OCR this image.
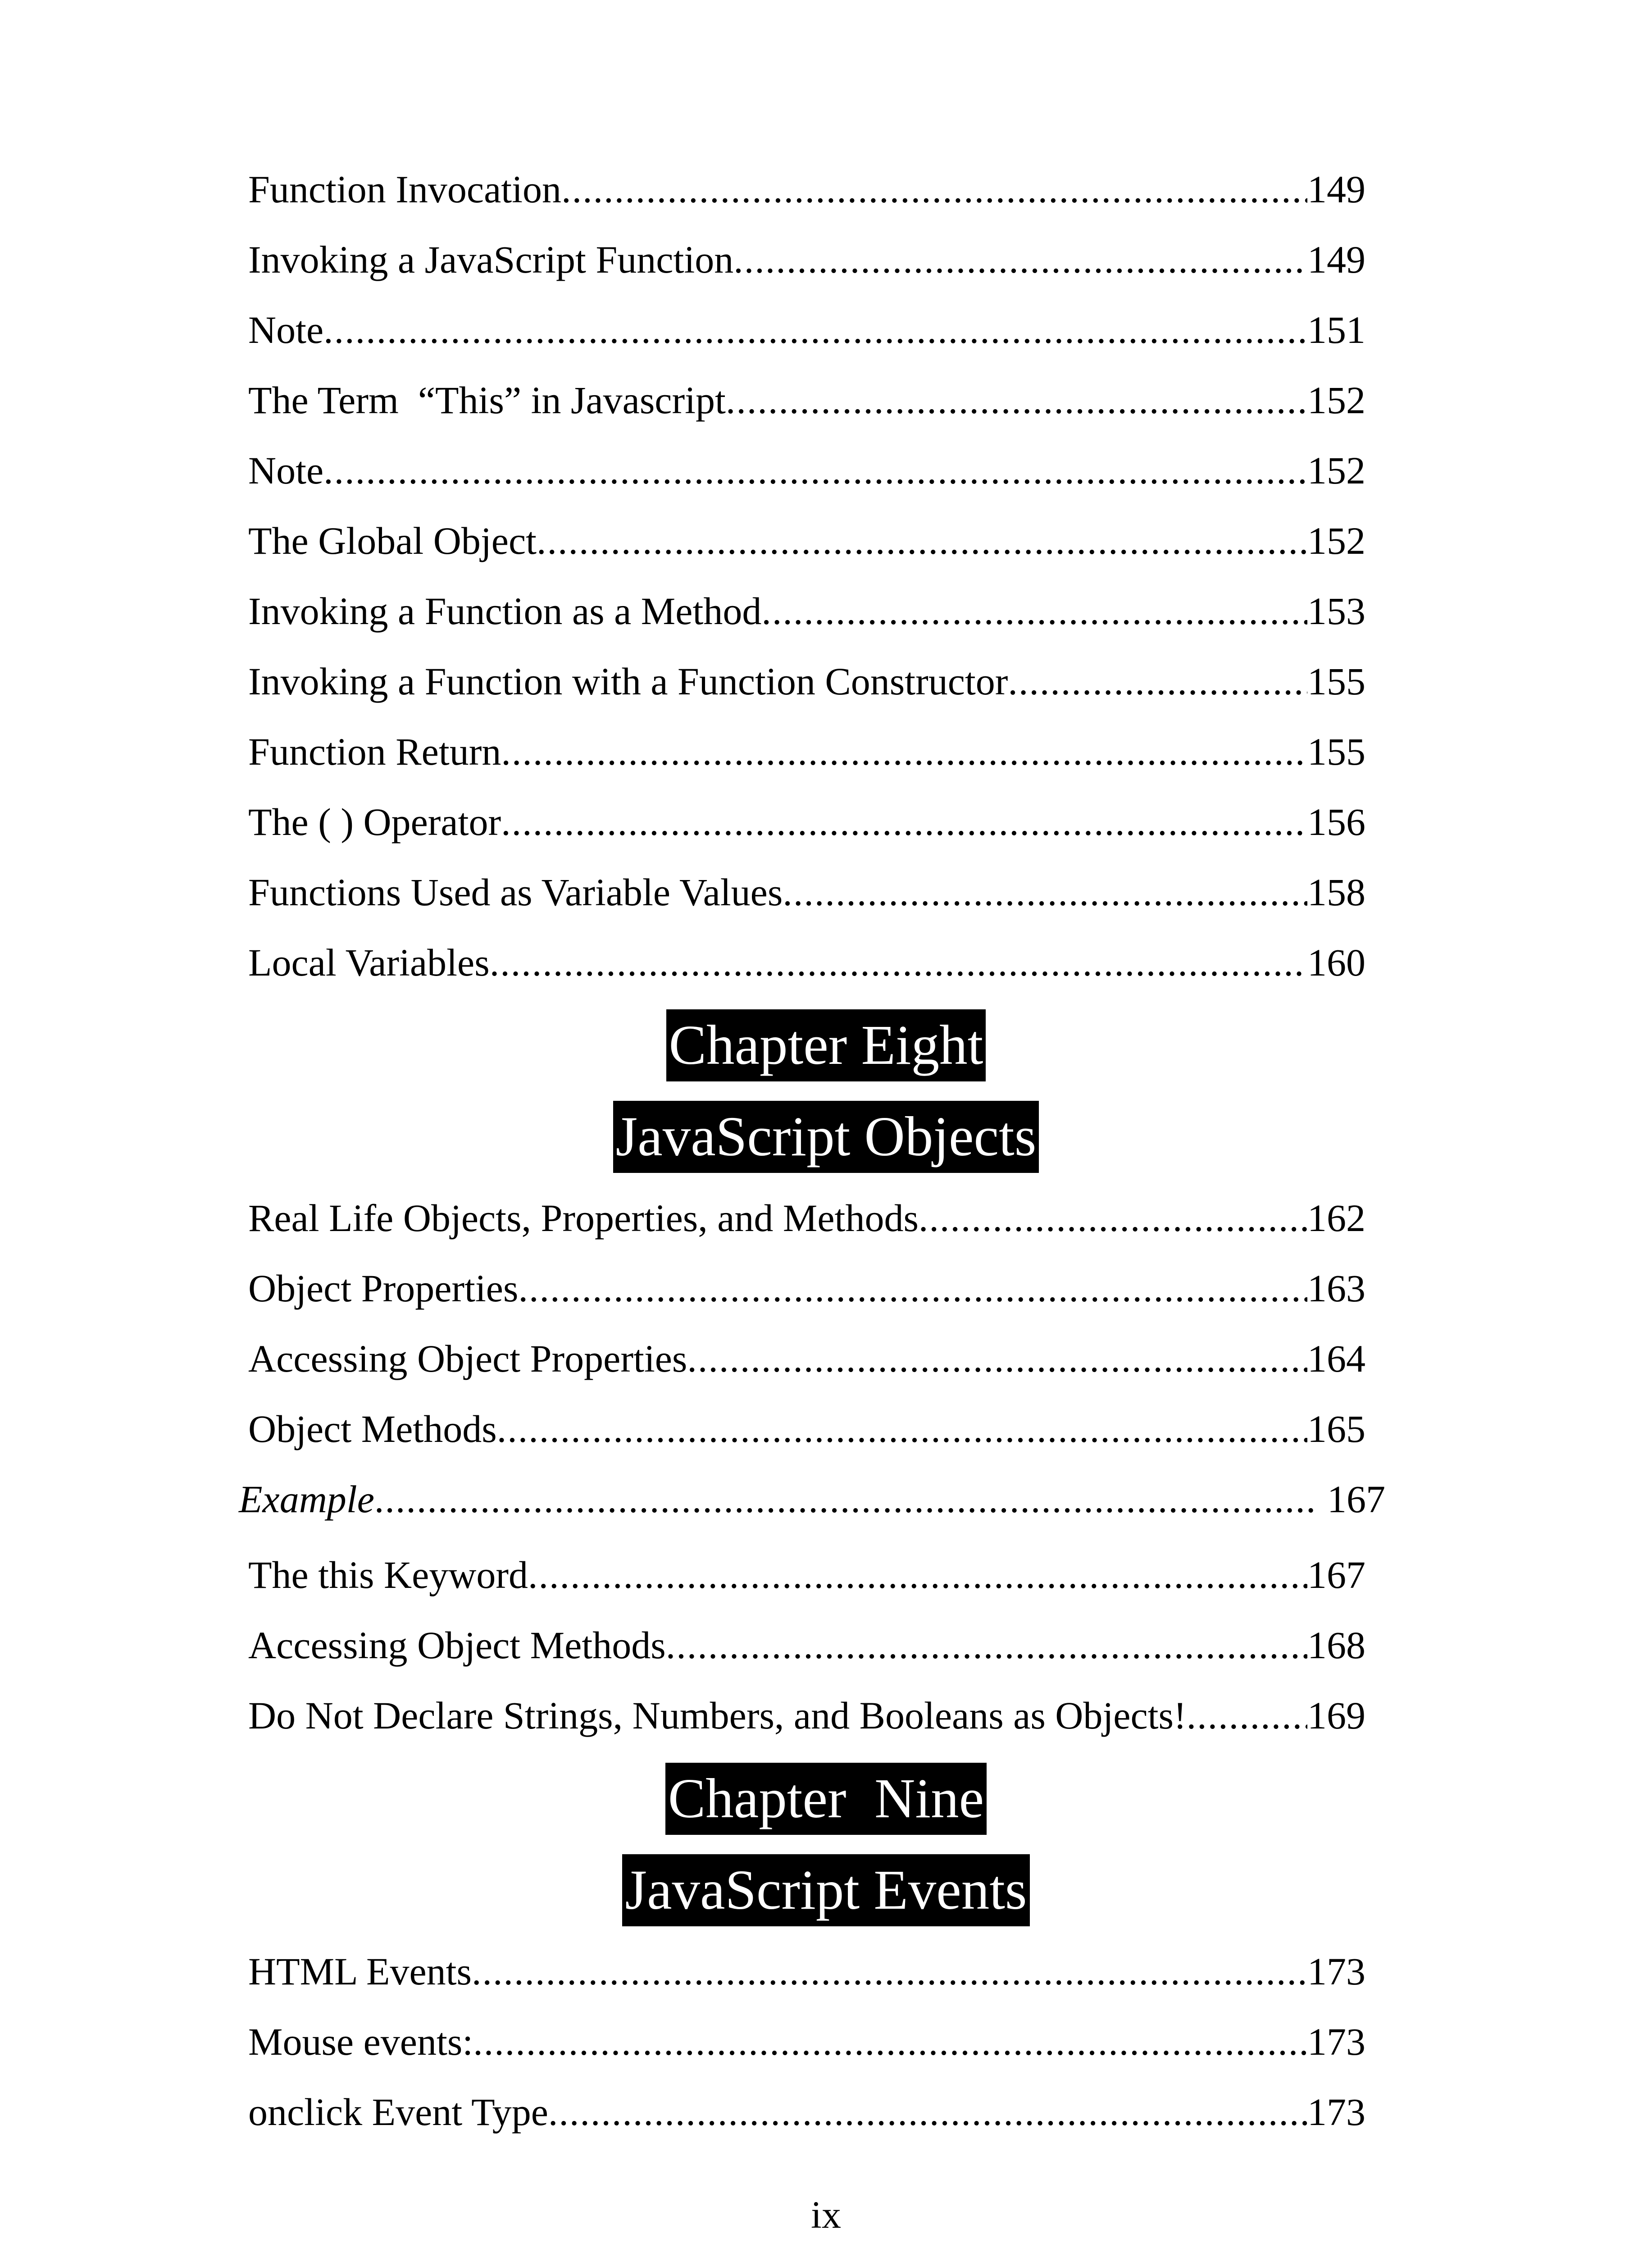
Function Invocation .....	149
Invoking a JavaScript Function .....	149
Note .....	151
The Term  “This” in Javascript .....	152
Note .....	152
The Global Object .....	152
Invoking a Function as a Method .....	153
Invoking a Function with a Function Constructor .....	155
Function Return .....	155
The ( ) Operator .....	156
Functions Used as Variable Values .....	158
Local Variables .....	160
Chapter Eight
JavaScript Objects
Real Life Objects, Properties, and Methods .....	162
Object Properties .....	163
Accessing Object Properties .....	164
Object Methods .....	165
Example .....	167
The this Keyword .....	167
Accessing Object Methods .....	168
Do Not Declare Strings, Numbers, and Booleans as Objects! .....	169
Chapter  Nine
JavaScript Events
HTML Events .....	173
Mouse events: .....	173
onclick Event Type .....	173
ix
